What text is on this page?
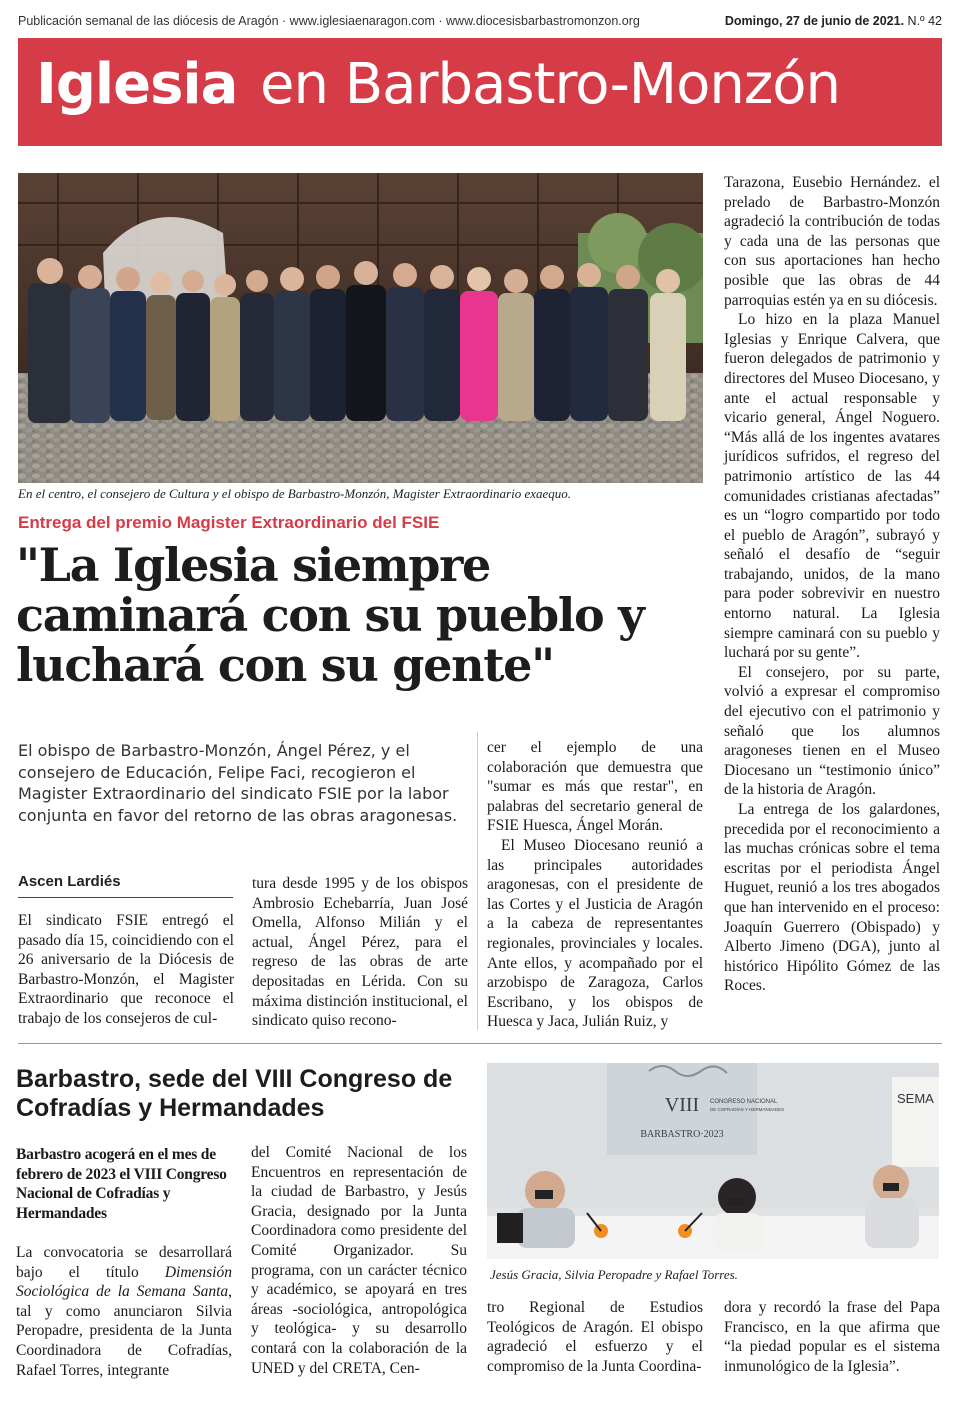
Publicación semanal de las diócesis de Aragón · www.iglesiaenaragon.com · www.diocesisbarbastromonzon.org	Domingo, 27 de junio de 2021. N.º 42
Iglesia en Barbastro-Monzón
En el centro, el consejero de Cultura y el obispo de Barbastro-Monzón, Magister Extraordinario exaequo.
Entrega del premio Magister Extraordinario del FSIE
"La Iglesia siempre caminará con su pueblo y luchará con su gente"
El obispo de Barbastro-Monzón, Ángel Pérez, y el consejero de Educación, Felipe Faci, recogieron el Magister Extraordinario del sindicato FSIE por la labor conjunta en favor del retorno de las obras aragonesas.
Ascen Lardiés

El sindicato FSIE entregó el pasado día 15, coincidiendo con el 26 aniversario de la Diócesis de Barbastro-Monzón, el Magister Extraordinario que reconoce el trabajo de los consejeros de cul-

tura desde 1995 y de los obispos Ambrosio Echebarría, Juan José Omella, Alfonso Milián y el actual, Ángel Pérez, para el regreso de las obras de arte depositadas en Lérida. Con su máxima distinción institucional, el sindicato quiso recono-

cer el ejemplo de una colaboración que demuestra que "sumar es más que restar", en palabras del secretario general de FSIE Huesca, Ángel Morán.

El Museo Diocesano reunió a las principales autoridades aragonesas, con el presidente de las Cortes y el Justicia de Aragón a la cabeza de representantes regionales, provinciales y locales. Ante ellos, y acompañado por el arzobispo de Zaragoza, Carlos Escribano, y los obispos de Huesca y Jaca, Julián Ruiz, y

Tarazona, Eusebio Hernández. el prelado de Barbastro-Monzón agradeció la contribución de todas y cada una de las personas que con sus aportaciones han hecho posible que las obras de 44 parroquias estén ya en su diócesis.

Lo hizo en la plaza Manuel Iglesias y Enrique Calvera, que fueron delegados de patrimonio y directores del Museo Diocesano, y ante el actual responsable y vicario general, Ángel Noguero. “Más allá de los ingentes avatares jurídicos sufridos, el regreso del patrimonio artístico de las 44 comunidades cristianas afectadas” es un “logro compartido por todo el pueblo de Aragón”, subrayó y señaló el desafío de “seguir trabajando, unidos, de la mano para poder sobrevivir en nuestro entorno natural. La Iglesia siempre caminará con su pueblo y luchará por su gente”.

El consejero, por su parte, volvió a expresar el compromiso del ejecutivo con el patrimonio y señaló que los alumnos aragoneses tienen en el Museo Diocesano un “testimonio único” de la historia de Aragón.

La entrega de los galardones, precedida por el reconocimiento a las muchas crónicas sobre el tema escritas por el periodista Ángel Huguet, reunió a los tres abogados que han intervenido en el proceso: Joaquín Guerrero (Obispado) y Alberto Jimeno (DGA), junto al histórico Hipólito Gómez de las Roces.

Barbastro, sede del VIII Congreso de Cofradías y Hermandades
Barbastro acogerá en el mes de febrero de 2023 el VIII Congreso Nacional de Cofradías y Hermandades

La convocatoria se desarrollará bajo el título Dimensión Sociológica de la Semana Santa, tal y como anunciaron Silvia Peropadre, presidenta de la Junta Coordinadora de Cofradías, Rafael Torres, integrante

del Comité Nacional de los Encuentros en representación de la ciudad de Barbastro, y Jesús Gracia, designado por la Junta Coordinadora como presidente del Comité Organizador. Su programa, con un carácter técnico y académico, se apoyará en tres áreas -sociológica, antropológica y teológica- y su desarrollo contará con la colaboración de la UNED y del CRETA, Cen-

VIII CONGRESO NACIONAL
DE COFRADÍAS Y HERMANDADES
BARBASTRO·2023
SEMA
Jesús Gracia, Silvia Peropadre y Rafael Torres.

tro Regional de Estudios Teológicos de Aragón. El obispo agradeció el esfuerzo y el compromiso de la Junta Coordina-

dora y recordó la frase del Papa Francisco, en la que afirma que “la piedad popular es el sistema inmunológico de la Iglesia”.
